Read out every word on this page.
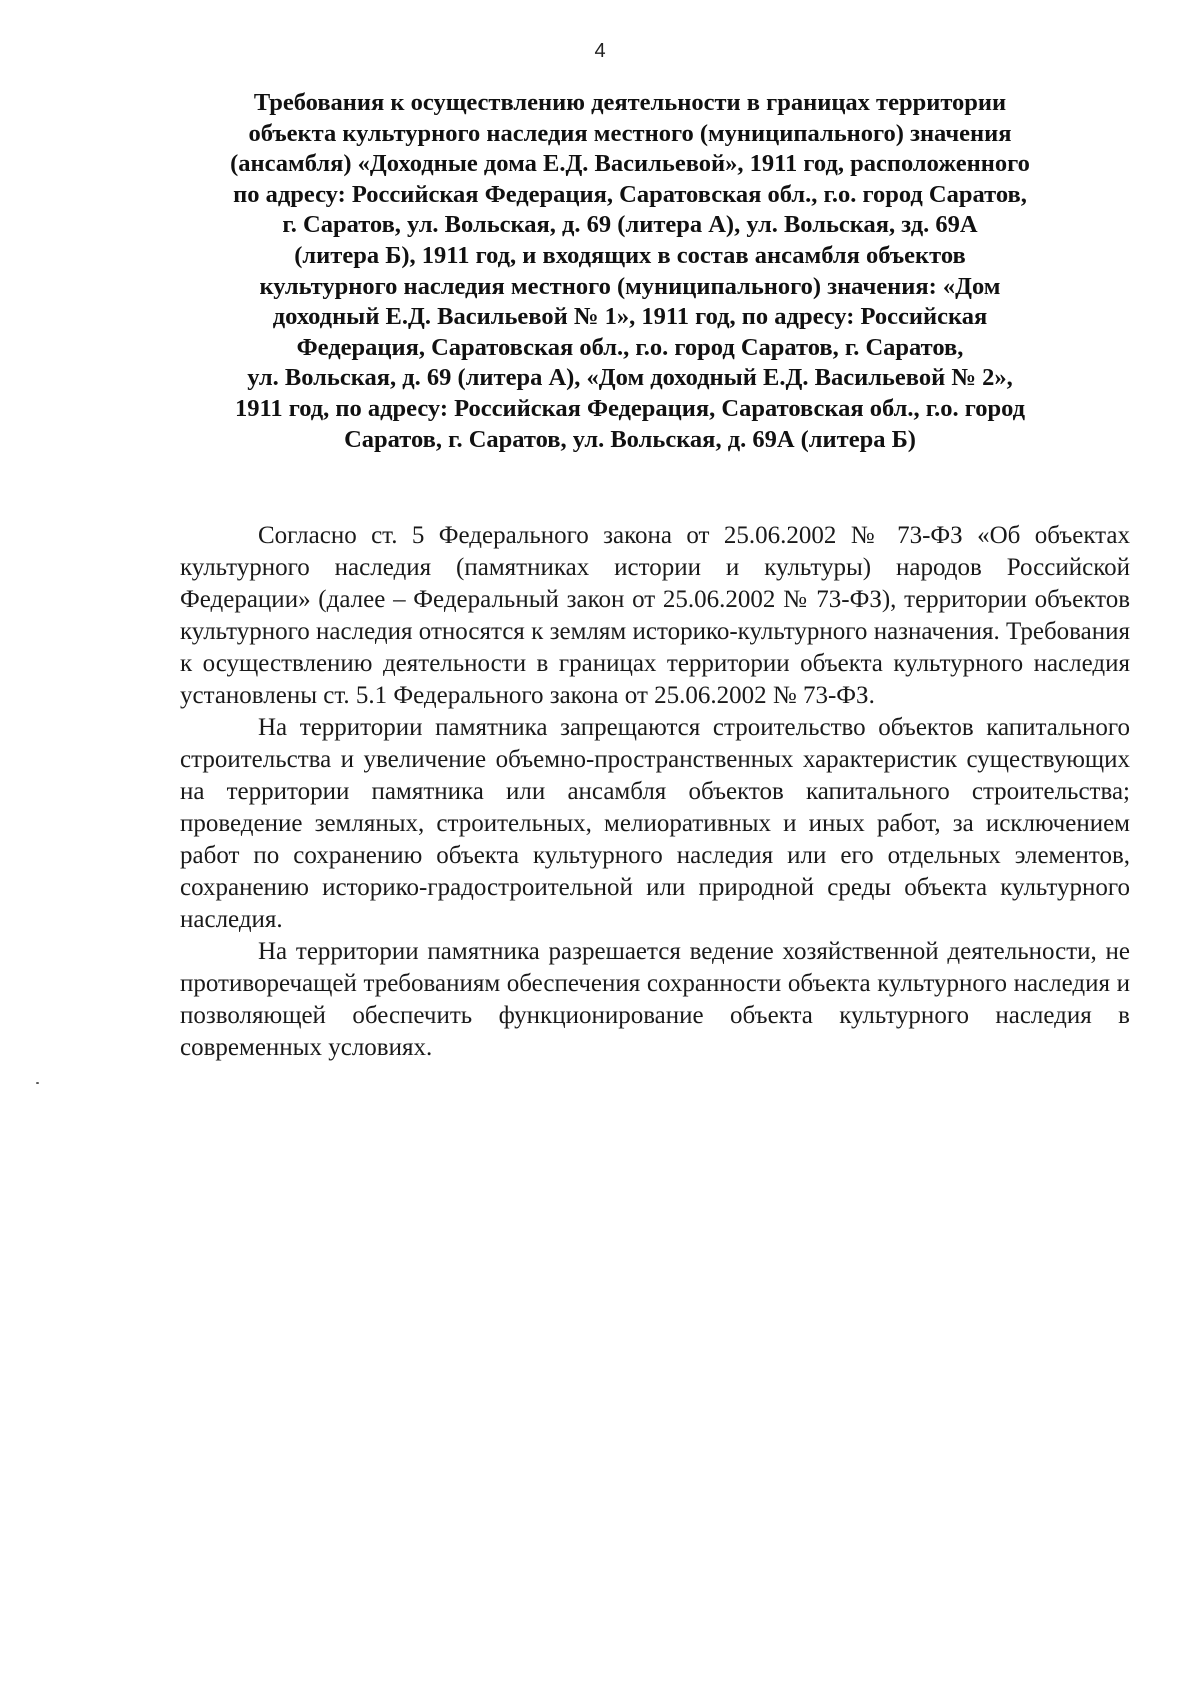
4
Требования к осуществлению деятельности в границах территории
объекта культурного наследия местного (муниципального) значения
(ансамбля) «Доходные дома Е.Д. Васильевой», 1911 год, расположенного
по адресу: Российская Федерация, Саратовская обл., г.о. город Саратов,
г. Саратов, ул. Вольская, д. 69 (литера А), ул. Вольская, зд. 69А
(литера Б), 1911 год, и входящих в состав ансамбля объектов
культурного наследия местного (муниципального) значения: «Дом
доходный Е.Д. Васильевой № 1», 1911 год, по адресу: Российская
Федерация, Саратовская обл., г.о. город Саратов, г. Саратов,
ул. Вольская, д. 69 (литера А), «Дом доходный Е.Д. Васильевой № 2»,
1911 год, по адресу: Российская Федерация, Саратовская обл., г.о. город
Саратов, г. Саратов, ул. Вольская, д. 69А (литера Б)

Согласно ст. 5 Федерального закона от 25.06.2002 № 73-ФЗ «Об объектах культурного наследия (памятниках истории и культуры) народов Российской Федерации» (далее – Федеральный закон от 25.06.2002 № 73-ФЗ), территории объектов культурного наследия относятся к землям историко-культурного назначения. Требования к осуществлению деятельности в границах территории объекта культурного наследия установлены ст. 5.1 Федерального закона от 25.06.2002 № 73-ФЗ.

На территории памятника запрещаются строительство объектов капитального строительства и увеличение объемно-пространственных характеристик существующих на территории памятника или ансамбля объектов капитального строительства; проведение земляных, строительных, мелиоративных и иных работ, за исключением работ по сохранению объекта культурного наследия или его отдельных элементов, сохранению историко-градостроительной или природной среды объекта культурного наследия.

На территории памятника разрешается ведение хозяйственной деятельности, не противоречащей требованиям обеспечения сохранности объекта культурного наследия и позволяющей обеспечить функционирование объекта культурного наследия в современных условиях.
